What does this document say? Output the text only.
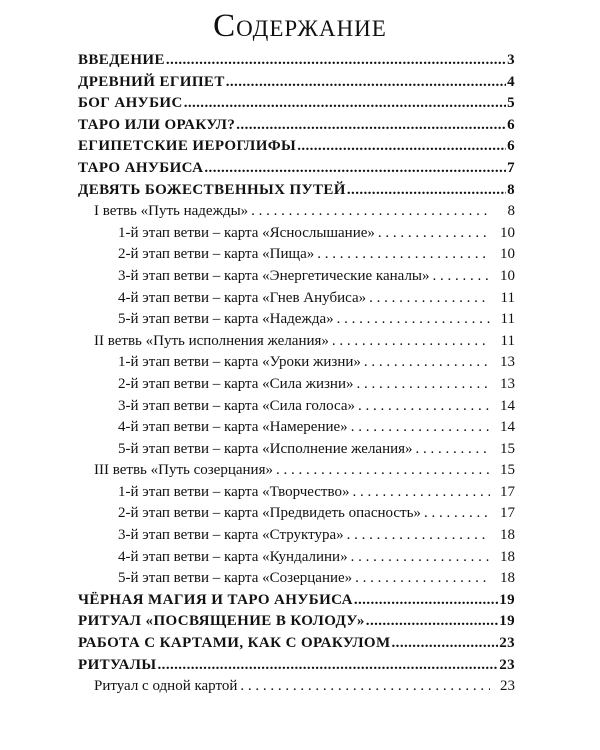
Содержание
ВВЕДЕНИЕ .....	3
ДРЕВНИЙ ЕГИПЕТ .....	4
БОГ АНУБИС .....	5
ТАРО ИЛИ ОРАКУЛ? .....	6
ЕГИПЕТСКИЕ ИЕРОГЛИФЫ .....	6
ТАРО АНУБИСА .....	7
ДЕВЯТЬ БОЖЕСТВЕННЫХ ПУТЕЙ .....	8
I ветвь «Путь надежды» . . .	8
1-й этап ветви – карта «Яснослышание» . . .	10
2-й этап ветви – карта «Пища» . . .	10
3-й этап ветви – карта «Энергетические каналы» . . .	10
4-й этап ветви – карта «Гнев Анубиса» . . .	11
5-й этап ветви – карта «Надежда» . . .	11
II ветвь «Путь исполнения желания» . . .	11
1-й этап ветви – карта «Уроки жизни» . . .	13
2-й этап ветви – карта «Сила жизни» . . .	13
3-й этап ветви – карта «Сила голоса» . . .	14
4-й этап ветви – карта «Намерение» . . .	14
5-й этап ветви – карта «Исполнение желания» . . .	15
III ветвь «Путь созерцания» . . .	15
1-й этап ветви – карта «Творчество» . . .	17
2-й этап ветви – карта «Предвидеть опасность» . . .	17
3-й этап ветви – карта «Структура» . . .	18
4-й этап ветви – карта «Кундалини» . . .	18
5-й этап ветви – карта «Созерцание» . . .	18
ЧЁРНАЯ МАГИЯ И ТАРО АНУБИСА .....	19
РИТУАЛ «ПОСВЯЩЕНИЕ В КОЛОДУ» .....	19
РАБОТА С КАРТАМИ, КАК С ОРАКУЛОМ .....	23
РИТУАЛЫ .....	23
Ритуал с одной картой . . .	23
